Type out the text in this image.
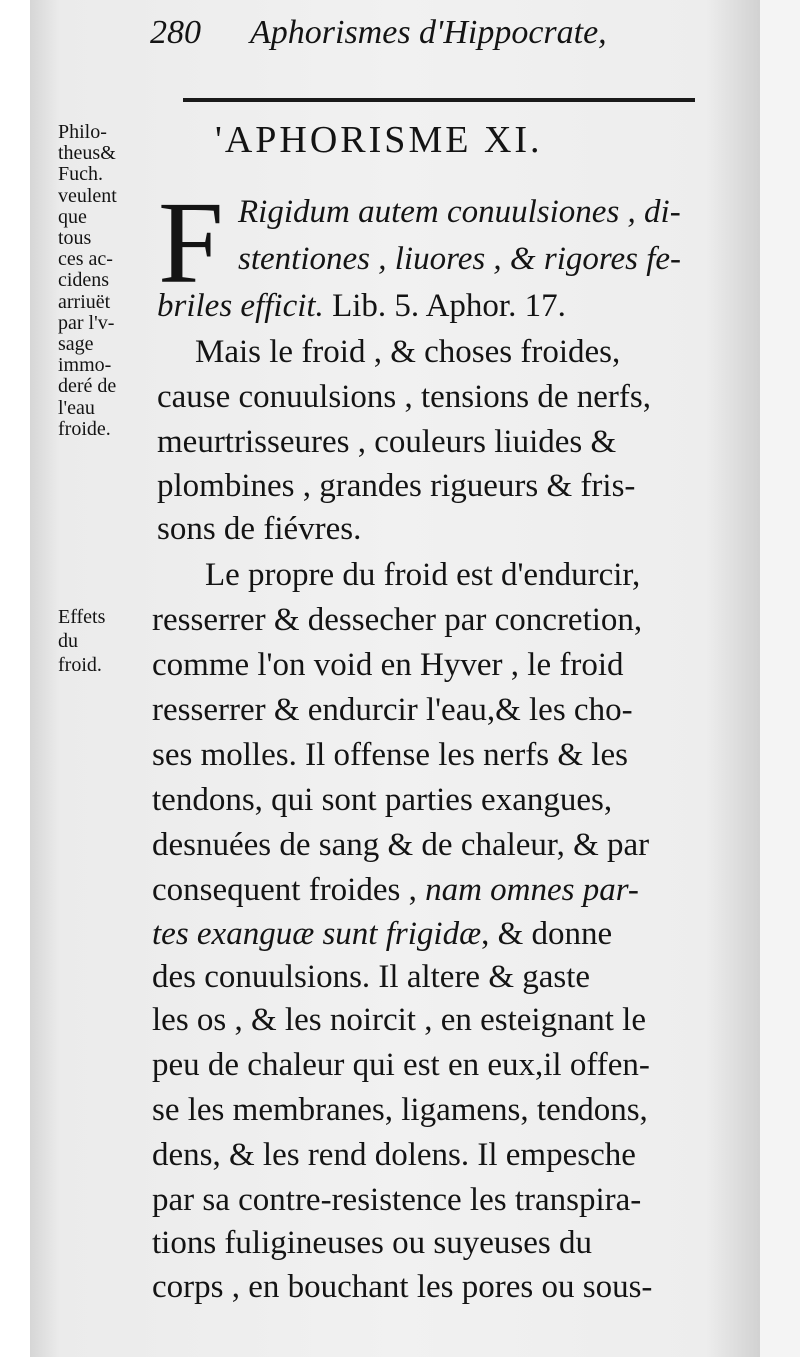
280 Aphorismes d'Hippocrate,
'APHORISME XI.
Philo-
theus&
Fuch.
veulent
que
tous
ces ac-
cidens
arriuët
par l'v-
sage
immo-
deré de
l'eau
froide.
Effets
du
froid.
F Rigidum autem conuulsiones , di-
stentiones , liuores , & rigores fe-
briles efficit. Lib. 5. Aphor. 17.
Mais le froid , & choses froides,
cause conuulsions , tensions de nerfs,
meurtrisseures , couleurs liuides &
plombines , grandes rigueurs & fris-
sons de fiévres.
Le propre du froid est d'endurcir,
resserrer & dessecher par concretion,
comme l'on void en Hyver , le froid
resserrer & endurcir l'eau,& les cho-
ses molles. Il offense les nerfs & les
tendons, qui sont parties exangues,
desnuées de sang & de chaleur, & par
consequent froides , nam omnes par-
tes exanguæ sunt frigidæ, & donne
des conuulsions. Il altere & gaste
les os , & les noircit , en esteignant le
peu de chaleur qui est en eux,il offen-
se les membranes, ligamens, tendons,
dens, & les rend dolens. Il empesche
par sa contre-resistence les transpira-
tions fuligineuses ou suyeuses du
corps , en bouchant les pores ou sous-
